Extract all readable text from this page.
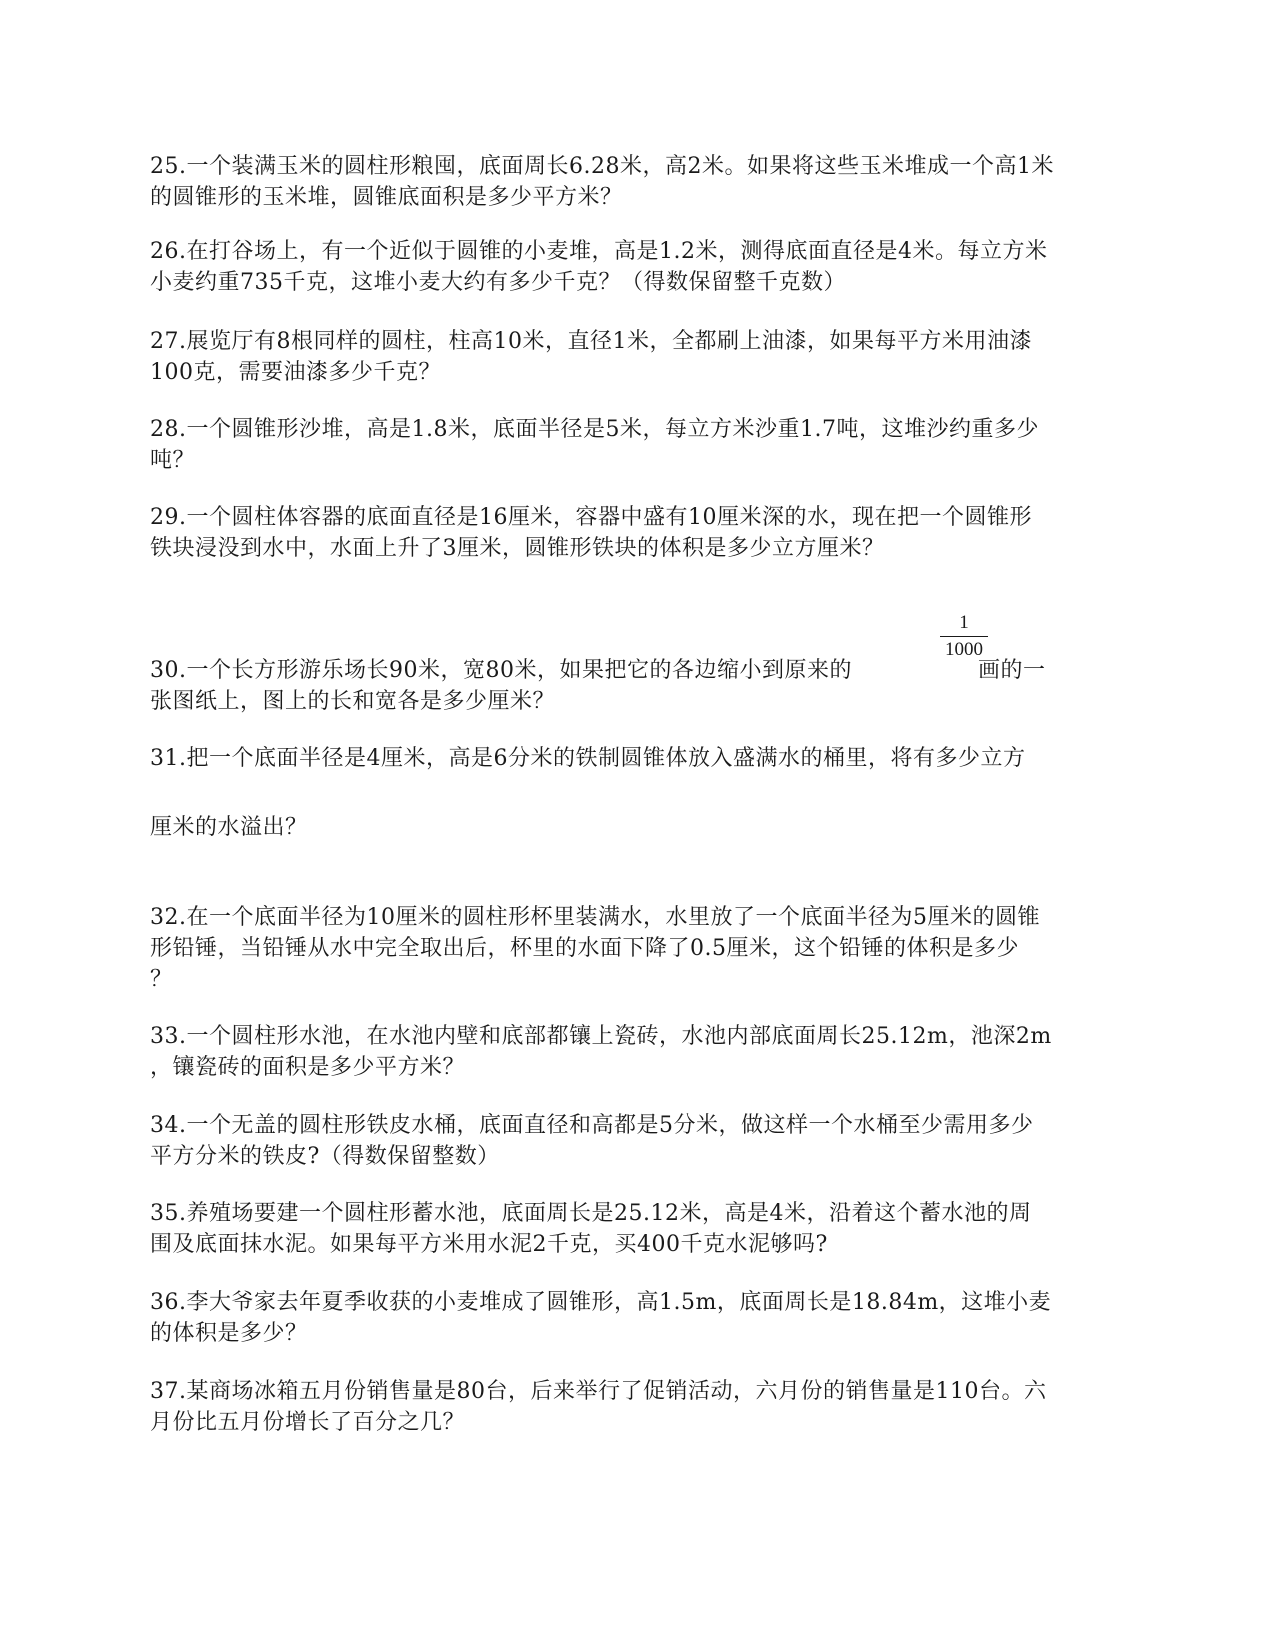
25.一个装满玉米的圆柱形粮囤，底面周长6.28米，高2米。如果将这些玉米堆成一个高1米
的圆锥形的玉米堆，圆锥底面积是多少平方米？

26.在打谷场上，有一个近似于圆锥的小麦堆，高是1.2米，测得底面直径是4米。每立方米
小麦约重735千克，这堆小麦大约有多少千克？（得数保留整千克数）

27.展览厅有8根同样的圆柱，柱高10米，直径1米，全都刷上油漆，如果每平方米用油漆
100克，需要油漆多少千克？

28.一个圆锥形沙堆，高是1.8米，底面半径是5米，每立方米沙重1.7吨，这堆沙约重多少
吨？

29.一个圆柱体容器的底面直径是16厘米，容器中盛有10厘米深的水，现在把一个圆锥形
铁块浸没到水中，水面上升了3厘米，圆锥形铁块的体积是多少立方厘米？

30.一个长方形游乐场长90米，宽80米，如果把它的各边缩小到原来的	画的一
张图纸上，图上的长和宽各是多少厘米？

1
1000

31.把一个底面半径是4厘米，高是6分米的铁制圆锥体放入盛满水的桶里，将有多少立方
厘米的水溢出？

32.在一个底面半径为10厘米的圆柱形杯里装满水，水里放了一个底面半径为5厘米的圆锥
形铅锤，当铅锤从水中完全取出后，杯里的水面下降了0.5厘米，这个铅锤的体积是多少
？

33.一个圆柱形水池，在水池内壁和底部都镶上瓷砖，水池内部底面周长25.12m，池深2m
，镶瓷砖的面积是多少平方米？

34.一个无盖的圆柱形铁皮水桶，底面直径和高都是5分米，做这样一个水桶至少需用多少
平方分米的铁皮?（得数保留整数）

35.养殖场要建一个圆柱形蓄水池，底面周长是25.12米，高是4米，沿着这个蓄水池的周
围及底面抹水泥。如果每平方米用水泥2千克，买400千克水泥够吗?

36.李大爷家去年夏季收获的小麦堆成了圆锥形，高1.5m，底面周长是18.84m，这堆小麦
的体积是多少？

37.某商场冰箱五月份销售量是80台，后来举行了促销活动，六月份的销售量是110台。六
月份比五月份增长了百分之几？
